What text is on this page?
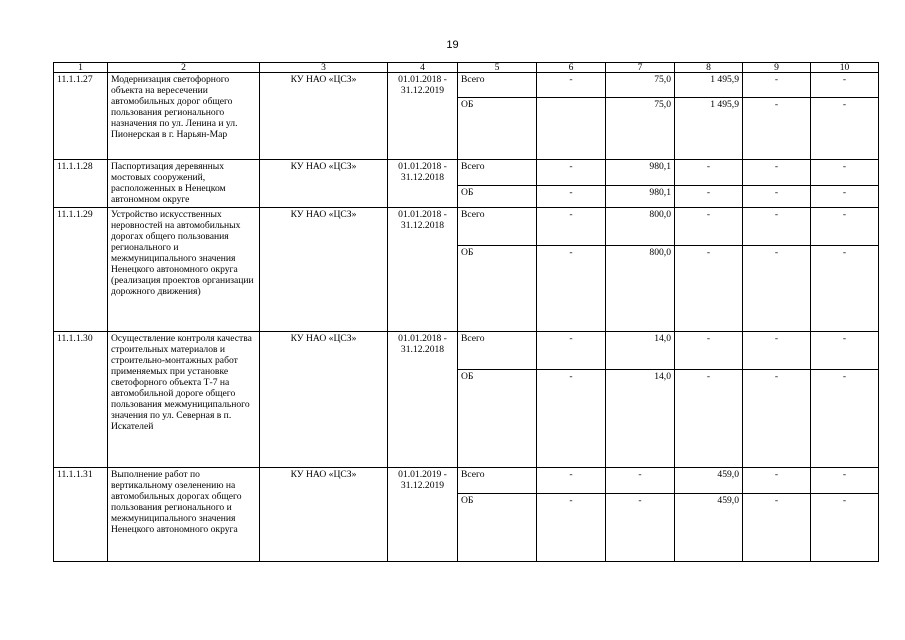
19
1	2	3	4	5	6	7	8	9	10
11.1.1.27	Модернизация светофорного объекта на вересечении автомобильных дорог общего пользования регионального назначения по ул. Ленина и ул. Пионерская в г. Нарьян-Мар	КУ НАО «ЦСЗ»	01.01.2018 - 31.12.2019	Всего	-	75,0	1 495,9	-	-
				ОБ		75,0	1 495,9	-	-
11.1.1.28	Паспортизация деревянных мостовых сооружений, расположенных в Ненецком автономном округе	КУ НАО «ЦСЗ»	01.01.2018 - 31.12.2018	Всего	-	980,1	-	-	-
				ОБ	-	980,1	-	-	-
11.1.1.29	Устройство искусственных неровностей на автомобильных дорогах общего пользования регионального и межмуниципального значения Ненецкого автономного округа (реализация проектов организации дорожного движения)	КУ НАО «ЦСЗ»	01.01.2018 - 31.12.2018	Всего	-	800,0	-	-	-
				ОБ	-	800,0	-	-	-
11.1.1.30	Осуществление контроля качества строительных материалов и строительно-монтажных работ применяемых при установке светофорного объекта Т-7 на автомобильной дороге общего пользования межмуниципального значения по ул. Северная в п. Искателей	КУ НАО «ЦСЗ»	01.01.2018 - 31.12.2018	Всего	-	14,0	-	-	-
				ОБ	-	14,0	-	-	-
11.1.1.31	Выполнение работ по вертикальному озеленению на автомобильных дорогах общего пользования регионального и межмуниципального значения Ненецкого автономного округа	КУ НАО «ЦСЗ»	01.01.2019 - 31.12.2019	Всего	-	-	459,0	-	-
				ОБ	-	-	459,0	-	-
